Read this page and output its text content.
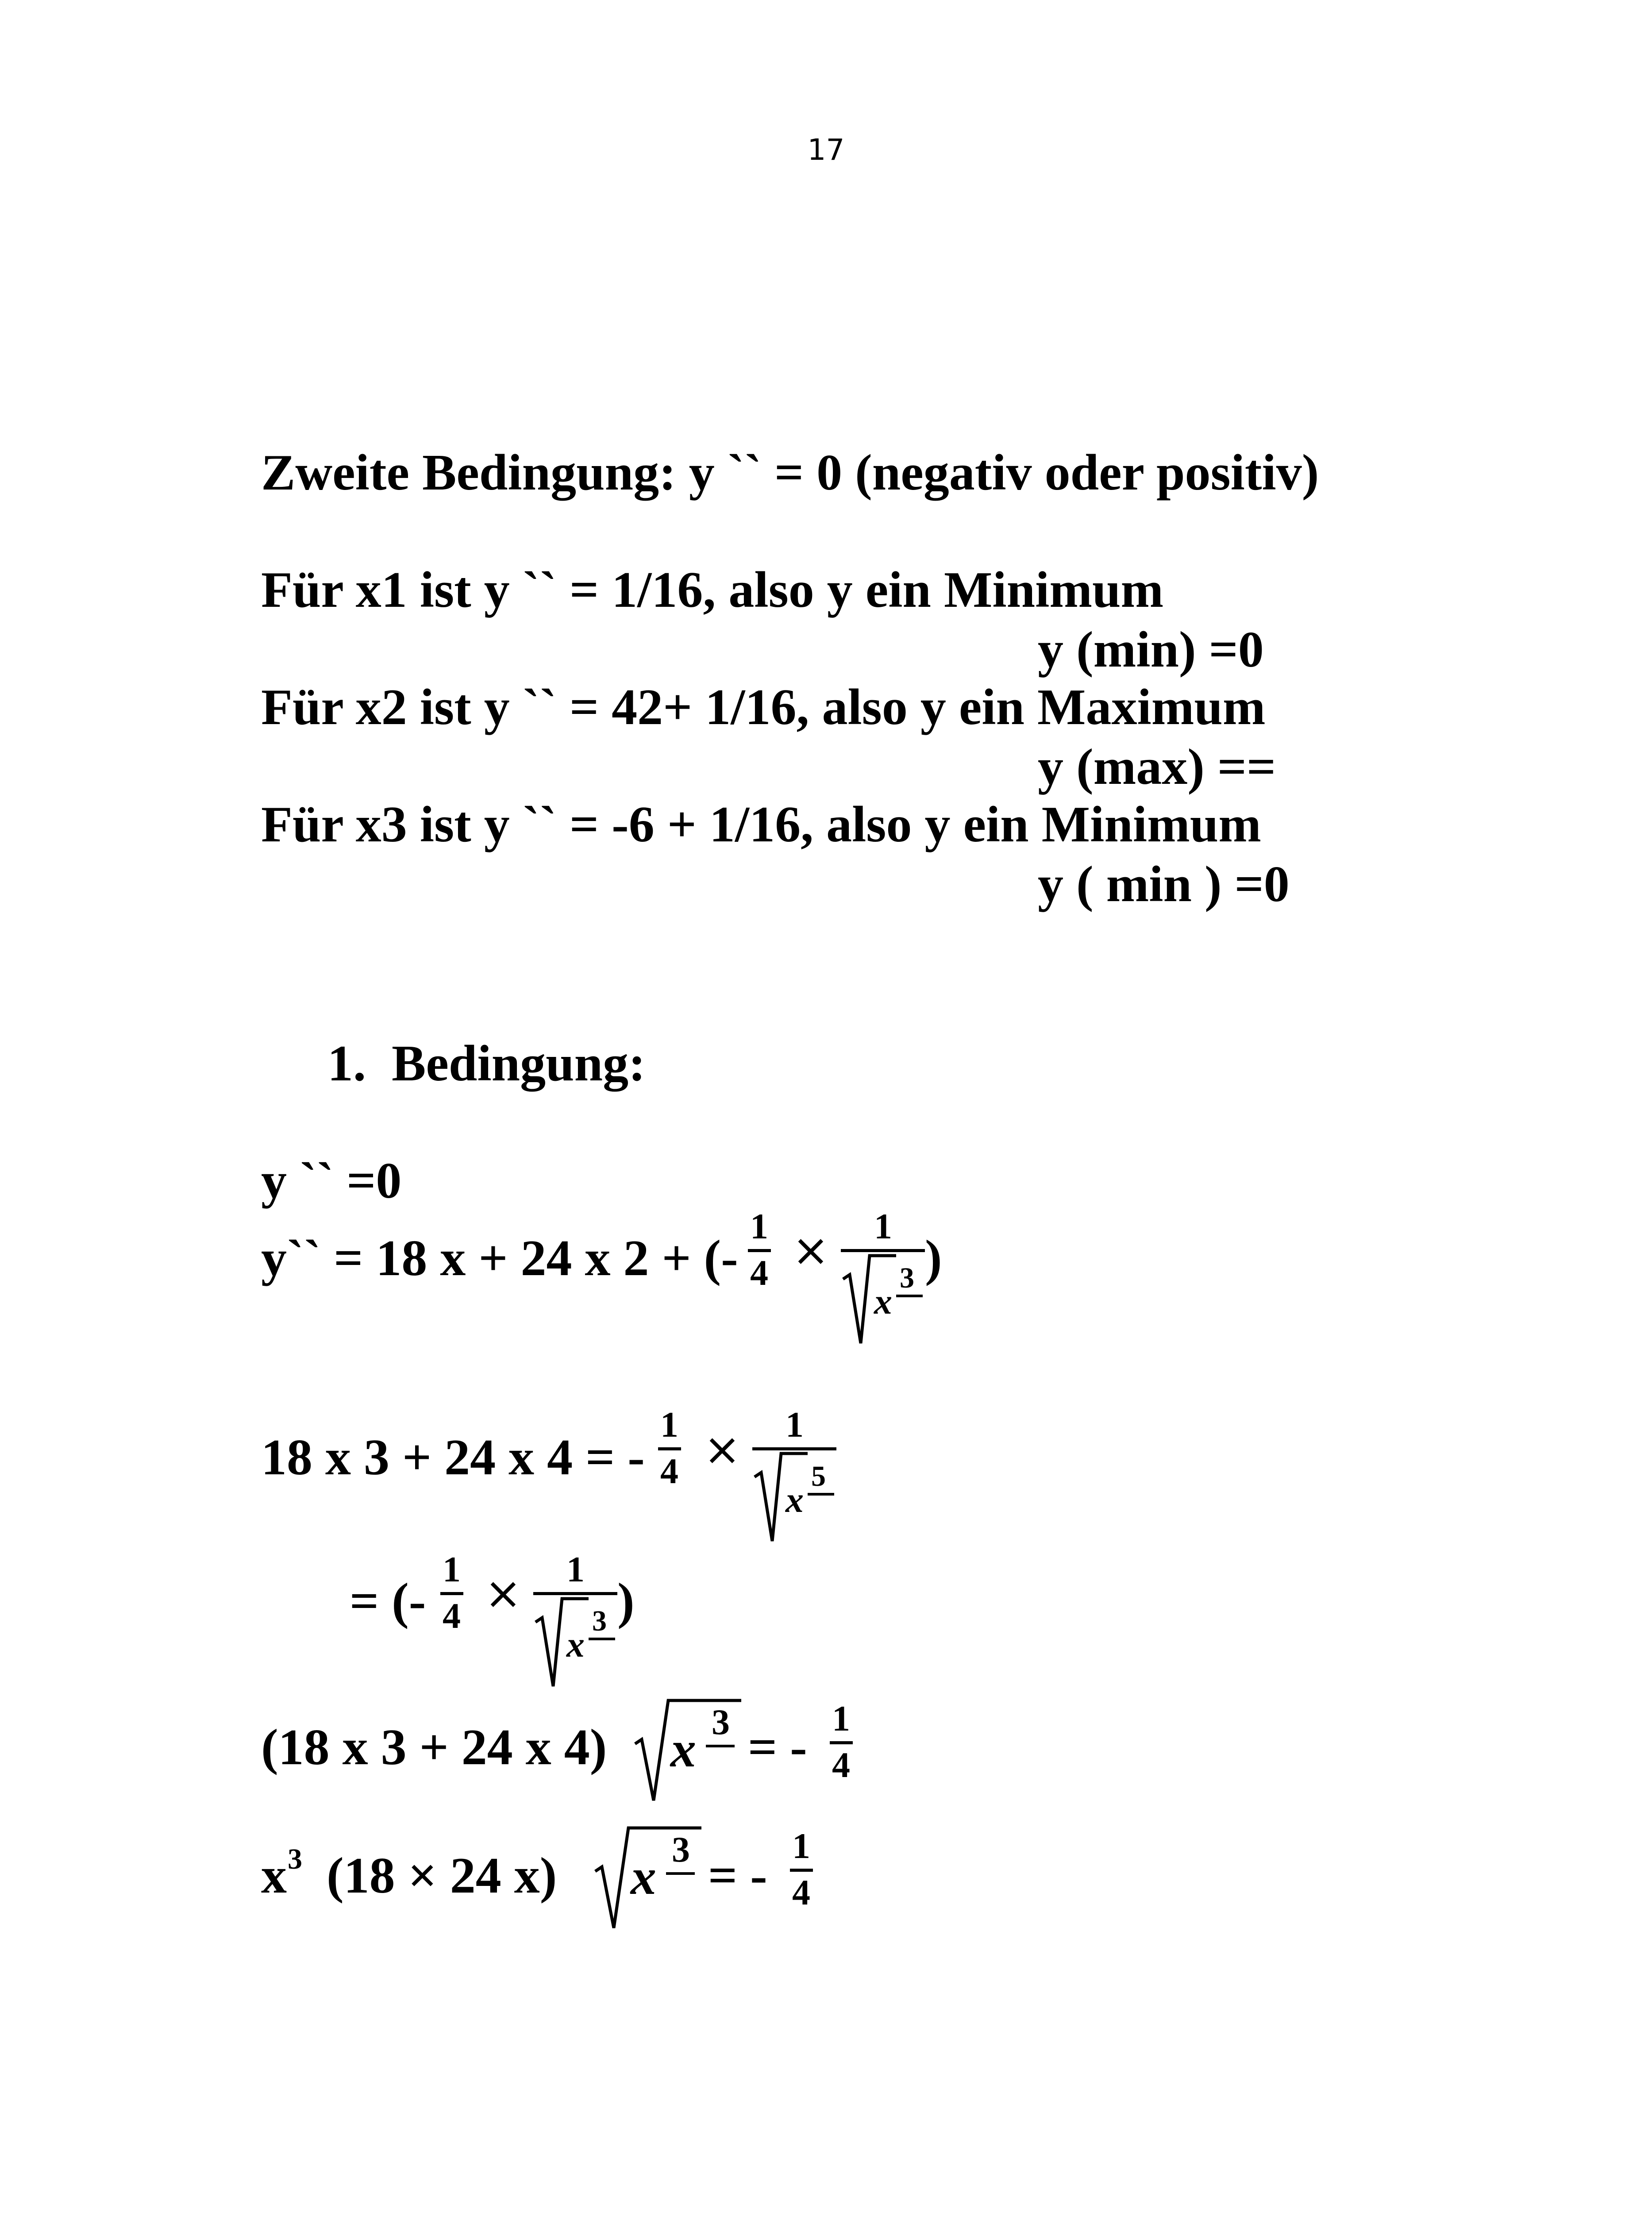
17
Zweite Bedingung: y `` = 0 (negativ oder positiv)
Für x1 ist y `` = 1/16, also y ein Minimum
y (min) =0
Für x2 ist y `` = 42+ 1/16, also y ein Maximum
y (max) ==
Für x3 ist y `` = -6 + 1/16, also y ein Minimum
y ( min ) =0
1. Bedingung:
y `` =0
y`` = 18 x + 24 x 2 + (-
1
4 × 1
x
3 )
18 x 3 + 24 x 4 = -
1
4 × 1
x
5
= (-
1
4 × 1
x
3 )
(18 x 3 + 24 x 4) x 3 = -
1
4
x 3 (18 × 24 x) x 3 = -
1
4
